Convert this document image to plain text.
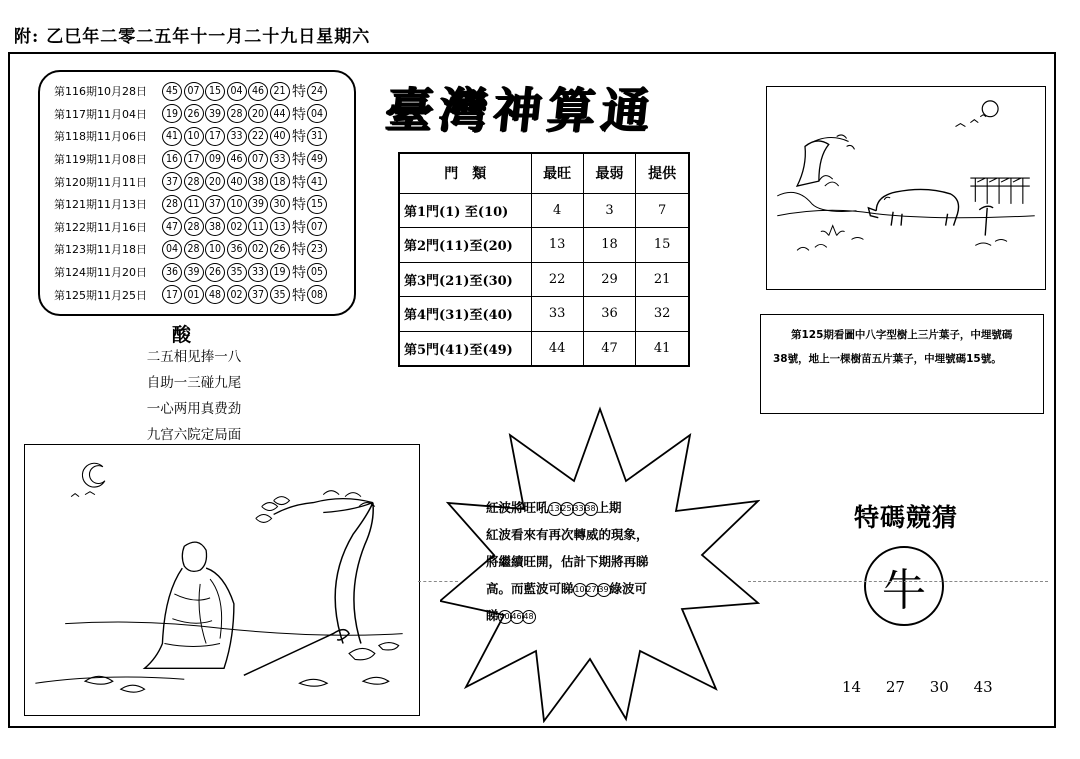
附: 乙巳年二零二五年十一月二十九日星期六
第116期10月28日	45 07 15 04 46 21 特 24
第117期11月04日	19 26 39 28 20 44 特 04
第118期11月06日	41 10 17 33 22 40 特 31
第119期11月08日	16 17 09 46 07 33 特 49
第120期11月11日	37 28 20 40 38 18 特 41
第121期11月13日	28 11 37 10 39 30 特 15
第122期11月16日	47 28 38 02 11 13 特 07
第123期11月18日	04 28 10 36 02 26 特 23
第124期11月20日	36 39 26 35 33 19 特 05
第125期11月25日	17 01 48 02 37 35 特 08
酸
二五相见捧一八
自助一三碰九尾
一心两用真费劲
九宫六院定局面
臺灣神算通
門　類	最旺	最弱	提供
第1門(1) 至(10)	4	3	7
第2門(11)至(20)	13	18	15
第3門(21)至(30)	22	29	21
第4門(31)至(40)	33	36	32
第5門(41)至(49)	44	47	41
第125期看圖中八字型樹上三片葉子，中埋號碼
38號，地上一棵樹苗五片葉子，中埋號碼15號。
紅波將旺吼13 25 33 38上期
紅波看來有再次轉威的現象，
將繼續旺開，估計下期將再睇
高。而藍波可睇10 27 39綠波可
睇40 46 48
特碼競猜
牛
14 27 30 43
